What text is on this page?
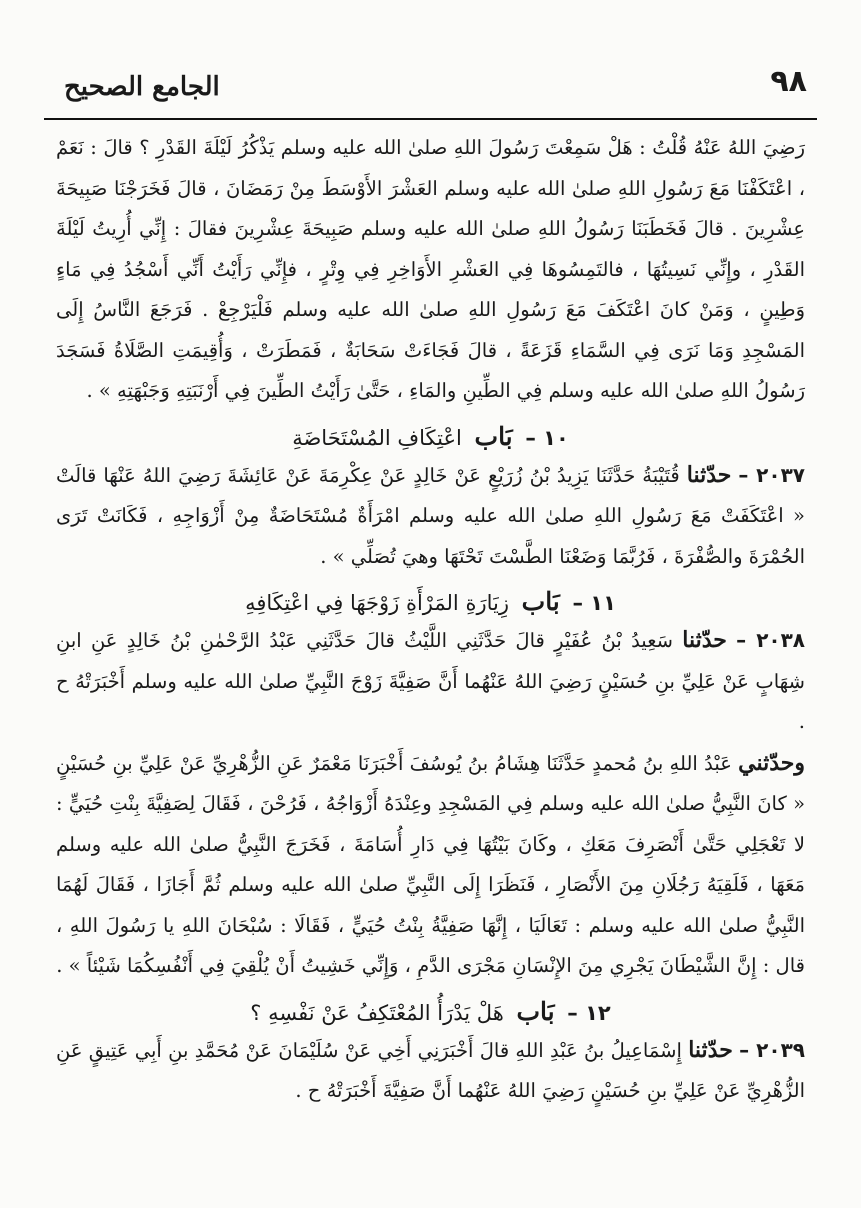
٩٨
الجامع الصحيح

رَضِيَ اللهُ عَنْهُ قُلْتُ : هَلْ سَمِعْتَ رَسُولَ اللهِ صلىٰ الله عليه وسلم يَذْكُرُ لَيْلَةَ القَدْرِ ؟ قالَ : نَعَمْ ، اعْتَكَفْنَا مَعَ رَسُولِ اللهِ صلىٰ الله عليه وسلم العَشْرَ الأَوْسَطَ مِنْ رَمَضَانَ ، قالَ فَخَرَجْنَا صَبِيحَةَ عِشْرِينَ . قالَ فَخَطَبَنَا رَسُولُ اللهِ صلىٰ الله عليه وسلم صَبِيحَةَ عِشْرِينَ فقالَ : إِنِّي أُرِيتُ لَيْلَةَ القَدْرِ ، وإِنِّي نَسِيتُهَا ، فالتَمِسُوهَا فِي العَشْرِ الأَوَاخِرِ فِي وِتْرٍ ، فإِنِّي رَأَيْتُ أَنِّي أَسْجُدُ فِي مَاءٍ وَطِينٍ ، وَمَنْ كانَ اعْتَكَفَ مَعَ رَسُولِ اللهِ صلىٰ الله عليه وسلم فَلْيَرْجِعْ . فَرَجَعَ النَّاسُ إِلَى المَسْجِدِ وَمَا نَرَى فِي السَّمَاءِ قَزَعَةً ، قالَ فَجَاءَتْ سَحَابَةٌ ، فَمَطَرَتْ ، وَأُقِيمَتِ الصَّلَاةُ فَسَجَدَ رَسُولُ اللهِ صلىٰ الله عليه وسلم فِي الطِّينِ والمَاءِ ، حَتَّىٰ رَأَيْتُ الطِّينَ فِي أَرْنَبَتِهِ وَجَبْهَتِهِ » .

١٠ – بَاب اعْتِكَافِ المُسْتَحَاضَةِ

٢٠٣٧ – حدّثنا قُتَيْبَةُ حَدَّثَنَا يَزِيدُ بْنُ زُرَيْعٍ عَنْ خَالِدٍ عَنْ عِكْرِمَةَ عَنْ عَائِشَةَ رَضِيَ اللهُ عَنْهَا قالَتْ « اعْتَكَفَتْ مَعَ رَسُولِ اللهِ صلىٰ الله عليه وسلم امْرَأَةٌ مُسْتَحَاضَةٌ مِنْ أَزْوَاجِهِ ، فَكَانَتْ تَرَى الحُمْرَةَ والصُّفْرَةَ ، فَرُبَّمَا وَضَعْنَا الطَّسْتَ تَحْتَهَا وهيَ تُصَلِّي » .

١١ – بَاب زِيَارَةِ المَرْأَةِ زَوْجَهَا فِي اعْتِكَافِهِ

٢٠٣٨ – حدّثنا سَعِيدُ بْنُ عُفَيْرٍ قالَ حَدَّثَنِي اللَّيْثُ قالَ حَدَّثَنِي عَبْدُ الرَّحْمٰنِ بْنُ خَالِدٍ عَنِ ابنِ شِهَابٍ عَنْ عَلِيِّ بنِ حُسَيْنٍ رَضِيَ اللهُ عَنْهُما أَنَّ صَفِيَّةَ زَوْجَ النَّبِيِّ صلىٰ الله عليه وسلم أَخْبَرَتْهُ ح .

وحدّثني عَبْدُ اللهِ بنُ مُحمدٍ حَدَّثَنَا هِشَامُ بنُ يُوسُفَ أَخْبَرَنَا مَعْمَرٌ عَنِ الزُّهْرِيِّ عَنْ عَلِيِّ بنِ حُسَيْنٍ « كانَ النَّبِيُّ صلىٰ الله عليه وسلم فِي المَسْجِدِ وعِنْدَهُ أَزْوَاجُهُ ، فَرُحْنَ ، فَقَالَ لِصَفِيَّةَ بِنْتِ حُيَيٍّ : لا تَعْجَلِي حَتَّىٰ أَنْصَرِفَ مَعَكِ ، وكَانَ بَيْتُهَا فِي دَارِ أُسَامَةَ ، فَخَرَجَ النَّبِيُّ صلىٰ الله عليه وسلم مَعَهَا ، فَلَقِيَهُ رَجُلَانِ مِنَ الأَنْصَارِ ، فَنَظَرَا إِلَى النَّبِيِّ صلىٰ الله عليه وسلم ثُمَّ أَجَازَا ، فَقَالَ لَهُمَا النَّبِيُّ صلىٰ الله عليه وسلم : تَعَالَيَا ، إِنَّهَا صَفِيَّةُ بِنْتُ حُيَيٍّ ، فَقَالَا : سُبْحَانَ اللهِ يا رَسُولَ اللهِ ، قال : إِنَّ الشَّيْطَانَ يَجْرِي مِنَ الإِنْسَانِ مَجْرَى الدَّمِ ، وَإِنِّي خَشِيتُ أَنْ يُلْقِيَ فِي أَنْفُسِكُمَا شَيْئاً » .

١٢ – بَاب هَلْ يَدْرَأُ المُعْتَكِفُ عَنْ نَفْسِهِ ؟

٢٠٣٩ – حدّثنا إِسْمَاعِيلُ بنُ عَبْدِ اللهِ قالَ أَخْبَرَنِي أَخِي عَنْ سُلَيْمَانَ عَنْ مُحَمَّدِ بنِ أَبِي عَتِيقٍ عَنِ الزُّهْرِيِّ عَنْ عَلِيِّ بنِ حُسَيْنٍ رَضِيَ اللهُ عَنْهُما أَنَّ صَفِيَّةَ أَخْبَرَتْهُ ح .
